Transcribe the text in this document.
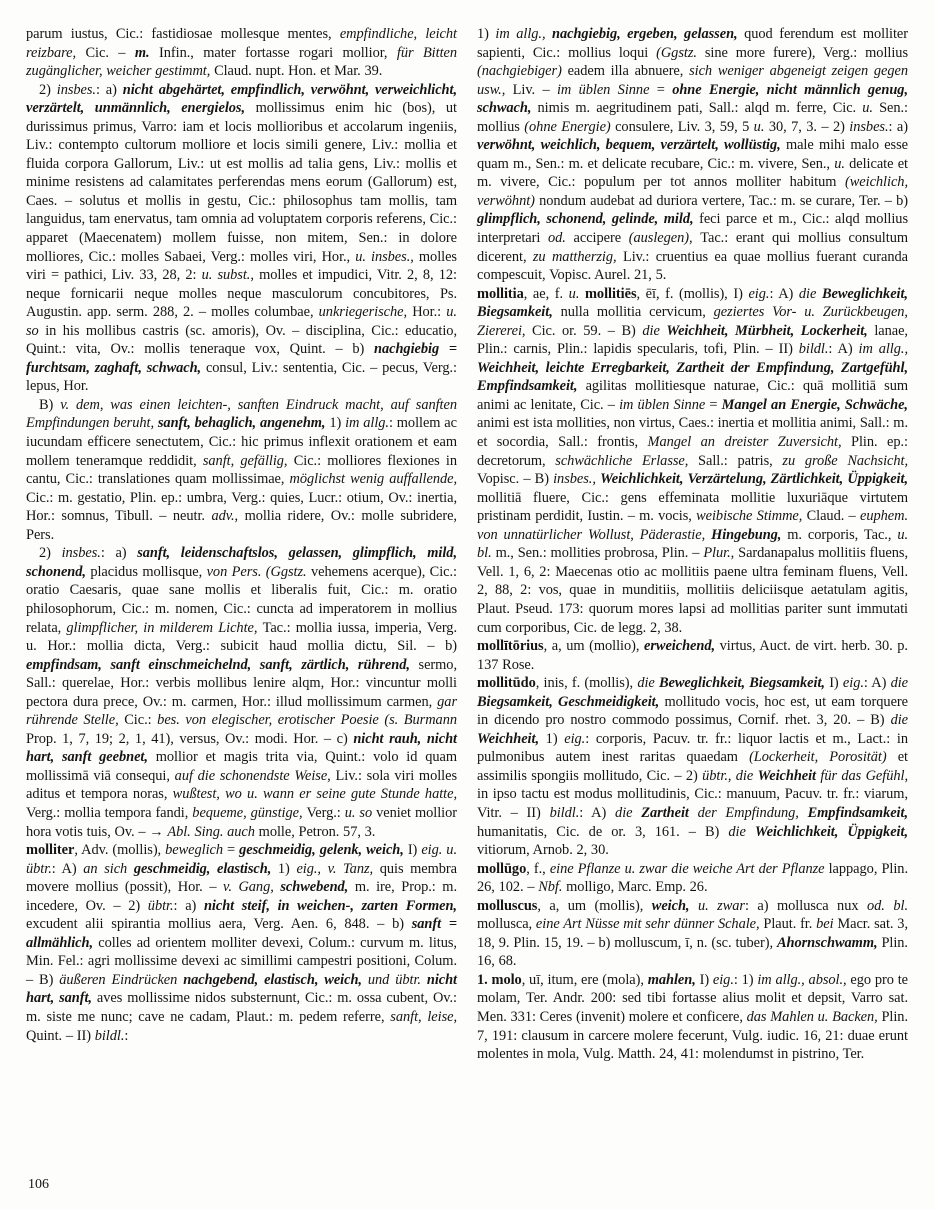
parum iustus, Cic.: fastidiosae mollesque mentes, empfindliche, leicht reizbare, Cic. – m. Infin., mater fortasse rogari mollior, für Bitten zugänglicher, weicher gestimmt, Claud. nupt. Hon. et Mar. 39.

2) insbes.: a) nicht abgehärtet, empfindlich, verwöhnt, verweichlicht, verzärtelt, unmännlich, energielos, mollissimus enim hic (bos), ut durissimus primus, Varro: iam et locis mollioribus et accolarum ingeniis, Liv.: contempto cultorum molliore et locis simili genere, Liv.: mollia et fluida corpora Gallorum, Liv.: ut est mollis ad talia gens, Liv.: mollis et minime resistens ad calamitates perferendas mens eorum (Gallorum) est, Caes. – solutus et mollis in gestu, Cic.: philosophus tam mollis, tam languidus, tam enervatus, tam omnia ad voluptatem corporis referens, Cic.: apparet (Maecenatem) mollem fuisse, non mitem, Sen.: in dolore molliores, Cic.: molles Sabaei, Verg.: molles viri, Hor., u. insbes., molles viri = pathici, Liv. 33, 28, 2: u. subst., molles et impudici, Vitr. 2, 8, 12: neque fornicarii neque molles neque masculorum concubitores, Ps. Augustin. app. serm. 288, 2. – molles columbae, unkriegerische, Hor.: u. so in his mollibus castris (sc. amoris), Ov. – disciplina, Cic.: educatio, Quint.: vita, Ov.: mollis teneraque vox, Quint. – b) nachgiebig = furchtsam, zaghaft, schwach, consul, Liv.: sententia, Cic. – pecus, Verg.: lepus, Hor.

B) v. dem, was einen leichten-, sanften Eindruck macht, auf sanften Empfindungen beruht, sanft, behaglich, angenehm, 1) im allg.: mollem ac iucundam efficere senectutem, Cic.: hic primus inflexit orationem et eam mollem teneramque reddidit, sanft, gefällig, Cic.: molliores flexiones in cantu, Cic.: translationes quam mollissimae, möglichst wenig auffallende, Cic.: m. gestatio, Plin. ep.: umbra, Verg.: quies, Lucr.: otium, Ov.: inertia, Hor.: somnus, Tibull. – neutr. adv., mollia ridere, Ov.: molle subridere, Pers.

2) insbes.: a) sanft, leidenschaftslos, gelassen, glimpflich, mild, schonend, placidus mollisque, von Pers. (Ggstz. vehemens acerque), Cic.: oratio Caesaris, quae sane mollis et liberalis fuit, Cic.: m. oratio philosophorum, Cic.: m. nomen, Cic.: cuncta ad imperatorem in mollius relata, glimpflicher, in milderem Lichte, Tac.: mollia iussa, imperia, Verg. u. Hor.: mollia dicta, Verg.: subicit haud mollia dictu, Sil. – b) empfindsam, sanft einschmeichelnd, sanft, zärtlich, rührend, sermo, Sall.: querelae, Hor.: verbis mollibus lenire alqm, Hor.: vincuntur molli pectora dura prece, Ov.: m. carmen, Hor.: illud mollissimum carmen, gar rührende Stelle, Cic.: bes. von elegischer, erotischer Poesie (s. Burmann Prop. 1, 7, 19; 2, 1, 41), versus, Ov.: modi. Hor. – c) nicht rauh, nicht hart, sanft geebnet, mollior et magis trita via, Quint.: volo id quam mollissimā viā consequi, auf die schonendste Weise, Liv.: sola viri molles aditus et tempora noras, wußtest, wo u. wann er seine gute Stunde hatte, Verg.: mollia tempora fandi, bequeme, günstige, Verg.: u. so veniet mollior hora votis tuis, Ov. – → Abl. Sing. auch molle, Petron. 57, 3.

molliter, Adv. (mollis), beweglich = geschmeidig, gelenk, weich, I) eig. u. übtr.: A) an sich geschmeidig, elastisch, 1) eig., v. Tanz, quis membra movere mollius (possit), Hor. – v. Gang, schwebend, m. ire, Prop.: m. incedere, Ov. – 2) übtr.: a) nicht steif, in weichen-, zarten Formen, excudent alii spirantia mollius aera, Verg. Aen. 6, 848. – b) sanft = allmählich, colles ad orientem molliter devexi, Colum.: curvum m. litus, Min. Fel.: agri mollissime devexi ac simillimi campestri positioni, Colum. – B) äußeren Eindrücken nachgebend, elastisch, weich, und übtr. nicht hart, sanft, aves mollissime nidos substernunt, Cic.: m. ossa cubent, Ov.: m. siste me nunc; cave ne cadam, Plaut.: m. pedem referre, sanft, leise, Quint. – II) bildl.:

1) im allg., nachgiebig, ergeben, gelassen, quod ferendum est molliter sapienti, Cic.: mollius loqui (Ggstz. sine more furere), Verg.: mollius (nachgiebiger) eadem illa abnuere, sich weniger abgeneigt zeigen gegen usw., Liv. – im üblen Sinne = ohne Energie, nicht männlich genug, schwach, nimis m. aegritudinem pati, Sall.: alqd m. ferre, Cic. u. Sen.: mollius (ohne Energie) consulere, Liv. 3, 59, 5 u. 30, 7, 3. – 2) insbes.: a) verwöhnt, weichlich, bequem, verzärtelt, wollüstig, male mihi malo esse quam m., Sen.: m. et delicate recubare, Cic.: m. vivere, Sen., u. delicate et m. vivere, Cic.: populum per tot annos molliter habitum (weichlich, verwöhnt) nondum audebat ad duriora vertere, Tac.: m. se curare, Ter. – b) glimpflich, schonend, gelinde, mild, feci parce et m., Cic.: alqd mollius interpretari od. accipere (auslegen), Tac.: erant qui mollius consultum dicerent, zu mattherzig, Liv.: cruentius ea quae mollius fuerant curanda compescuit, Vopisc. Aurel. 21, 5.

mollitia, ae, f. u. mollitiēs, ēī, f. (mollis), I) eig.: A) die Beweglichkeit, Biegsamkeit, nulla mollitia cervicum, geziertes Vor- u. Zurückbeugen, Ziererei, Cic. or. 59. – B) die Weichheit, Mürbheit, Lockerheit, lanae, Plin.: carnis, Plin.: lapidis specularis, tofi, Plin. – II) bildl.: A) im allg., Weichheit, leichte Erregbarkeit, Zartheit der Empfindung, Zartgefühl, Empfindsamkeit, agilitas mollitiesque naturae, Cic.: quā mollitiā sum animi ac lenitate, Cic. – im üblen Sinne = Mangel an Energie, Schwäche, animi est ista mollities, non virtus, Caes.: inertia et mollitia animi, Sall.: m. et socordia, Sall.: frontis, Mangel an dreister Zuversicht, Plin. ep.: decretorum, schwächliche Erlasse, Sall.: patris, zu große Nachsicht, Vopisc. – B) insbes., Weichlichkeit, Verzärtelung, Zärtlichkeit, Üppigkeit, mollitiā fluere, Cic.: gens effeminata mollitie luxuriāque virtutem pristinam perdidit, Iustin. – m. vocis, weibische Stimme, Claud. – euphem. von unnatürlicher Wollust, Päderastie, Hingebung, m. corporis, Tac., u. bl. m., Sen.: mollities probrosa, Plin. – Plur., Sardanapalus mollitiis fluens, Vell. 1, 6, 2: Maecenas otio ac mollitiis paene ultra feminam fluens, Vell. 2, 88, 2: vos, quae in munditiis, mollitiis deliciisque aetatulam agitis, Plaut. Pseud. 173: quorum mores lapsi ad mollitias pariter sunt immutati cum corporibus, Cic. de legg. 2, 38.

mollītōrius, a, um (mollio), erweichend, virtus, Auct. de virt. herb. 30. p. 137 Rose.

mollitūdo, inis, f. (mollis), die Beweglichkeit, Biegsamkeit, I) eig.: A) die Biegsamkeit, Geschmeidigkeit, mollitudo vocis, hoc est, ut eam torquere in dicendo pro nostro commodo possimus, Cornif. rhet. 3, 20. – B) die Weichheit, 1) eig.: corporis, Pacuv. tr. fr.: liquor lactis et m., Lact.: in pulmonibus autem inest raritas quaedam (Lockerheit, Porosität) et assimilis spongiis mollitudo, Cic. – 2) übtr., die Weichheit für das Gefühl, in ipso tactu est modus mollitudinis, Cic.: manuum, Pacuv. tr. fr.: viarum, Vitr. – II) bildl.: A) die Zartheit der Empfindung, Empfindsamkeit, humanitatis, Cic. de or. 3, 161. – B) die Weichlichkeit, Üppigkeit, vitiorum, Arnob. 2, 30.

mollūgo, f., eine Pflanze u. zwar die weiche Art der Pflanze lappago, Plin. 26, 102. – Nbf. molligo, Marc. Emp. 26.

molluscus, a, um (mollis), weich, u. zwar: a) mollusca nux od. bl. mollusca, eine Art Nüsse mit sehr dünner Schale, Plaut. fr. bei Macr. sat. 3, 18, 9. Plin. 15, 19. – b) molluscum, ī, n. (sc. tuber), Ahornschwamm, Plin. 16, 68.

1. molo, uī, itum, ere (mola), mahlen, I) eig.: 1) im allg., absol., ego pro te molam, Ter. Andr. 200: sed tibi fortasse alius molit et depsit, Varro sat. Men. 331: Ceres (invenit) molere et conficere, das Mahlen u. Backen, Plin. 7, 191: clausum in carcere molere fecerunt, Vulg. iudic. 16, 21: duae erunt molentes in mola, Vulg. Matth. 24, 41: molendumst in pistrino, Ter.

106
